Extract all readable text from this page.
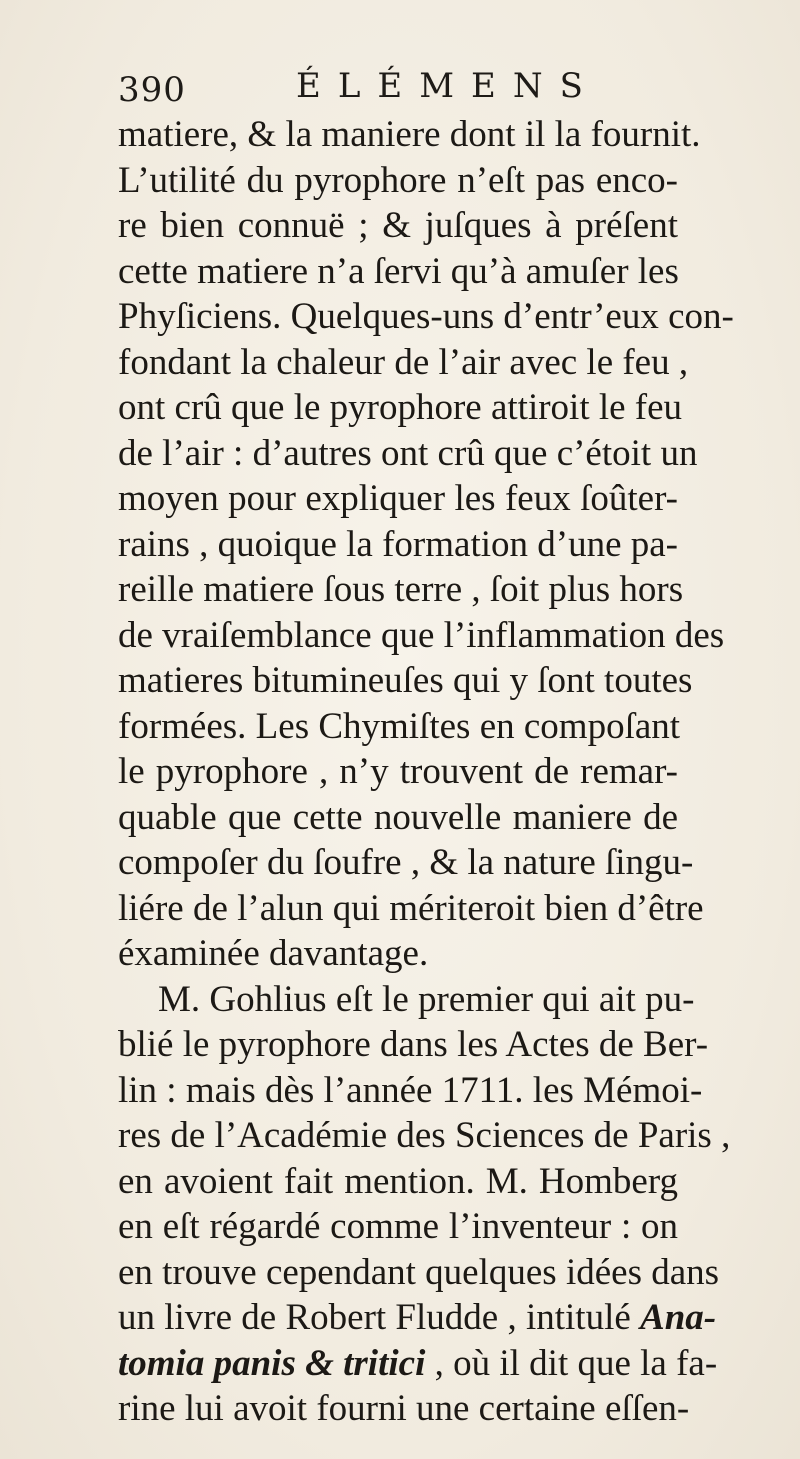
390	ÉLÉMENS
matiere, & la maniere dont il la fournit.
L’utilité du pyrophore n’eſt pas enco-
re bien connuë ; & juſques à préſent
cette matiere n’a ſervi qu’à amuſer les
Phyſiciens. Quelques-uns d’entr’eux con-
fondant la chaleur de l’air avec le feu ,
ont crû que le pyrophore attiroit le feu
de l’air : d’autres ont crû que c’étoit un
moyen pour expliquer les feux ſoûter-
rains , quoique la formation d’une pa-
reille matiere ſous terre , ſoit plus hors
de vraiſemblance que l’inflammation des
matieres bitumineuſes qui y ſont toutes
formées. Les Chymiſtes en compoſant
le pyrophore , n’y trouvent de remar-
quable que cette nouvelle maniere de
compoſer du ſoufre , & la nature ſingu-
liére de l’alun qui mériteroit bien d’être
éxaminée davantage.
M. Gohlius eſt le premier qui ait pu-
blié le pyrophore dans les Actes de Ber-
lin : mais dès l’année 1711. les Mémoi-
res de l’Académie des Sciences de Paris ,
en avoient fait mention. M. Homberg
en eſt régardé comme l’inventeur : on
en trouve cependant quelques idées dans
un livre de Robert Fludde , intitulé Ana-
tomia panis & tritici , où il dit que la fa-
rine lui avoit fourni une certaine eſſen-
